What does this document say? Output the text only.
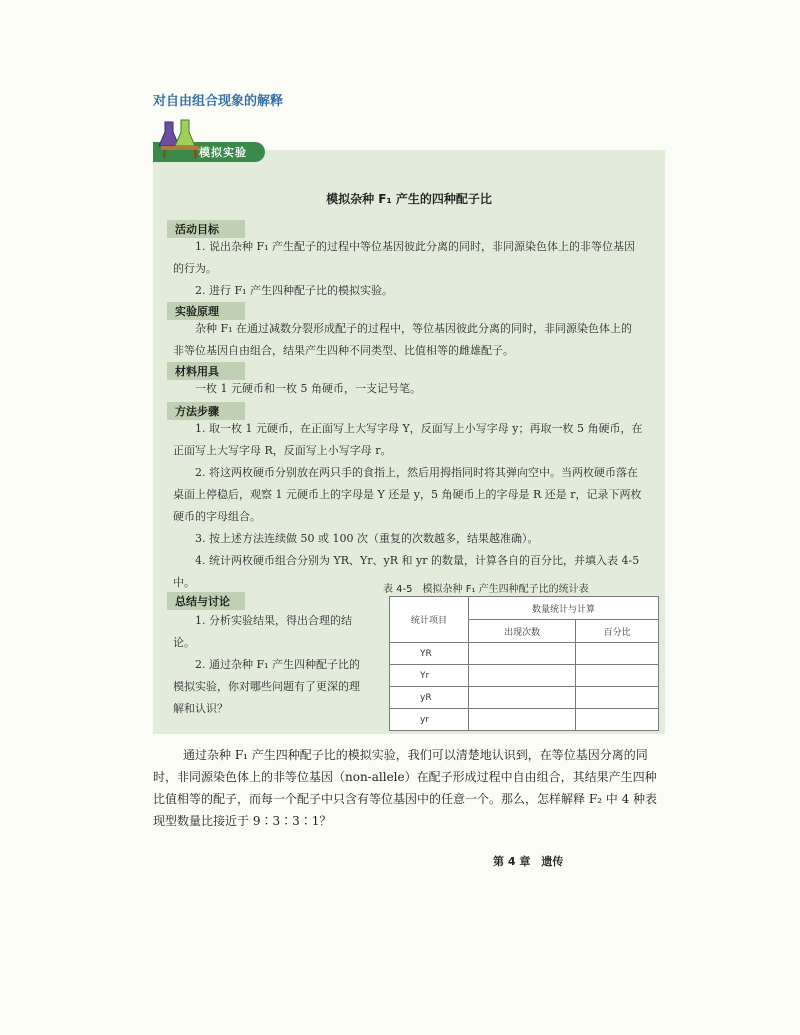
对自由组合现象的解释
模拟杂种 F₁ 产生的四种配子比
活动目标
1. 说出杂种 F₁ 产生配子的过程中等位基因彼此分离的同时，非同源染色体上的非等位基因的行为。
2. 进行 F₁ 产生四种配子比的模拟实验。
实验原理
杂种 F₁ 在通过减数分裂形成配子的过程中，等位基因彼此分离的同时，非同源染色体上的非等位基因自由组合，结果产生四种不同类型、比值相等的雌雄配子。
材料用具
一枚 1 元硬币和一枚 5 角硬币，一支记号笔。
方法步骤
1. 取一枚 1 元硬币，在正面写上大写字母 Y，反面写上小写字母 y；再取一枚 5 角硬币，在正面写上大写字母 R，反面写上小写字母 r。
2. 将这两枚硬币分别放在两只手的食指上，然后用拇指同时将其弹向空中。当两枚硬币落在桌面上停稳后，观察 1 元硬币上的字母是 Y 还是 y，5 角硬币上的字母是 R 还是 r，记录下两枚硬币的字母组合。
3. 按上述方法连续做 50 或 100 次（重复的次数越多，结果越准确）。
4. 统计两枚硬币组合分别为 YR、Yr、yR 和 yr 的数量，计算各自的百分比，并填入表 4-5 中。
总结与讨论
1. 分析实验结果，得出合理的结论。
2. 通过杂种 F₁ 产生四种配子比的模拟实验，你对哪些问题有了更深的理解和认识？
表 4-5　模拟杂种 F₁ 产生四种配子比的统计表
统计项目	数量统计与计算	
	出现次数	百分比
YR		
Yr		
yR		
yr		
模拟实验
通过杂种 F₁ 产生四种配子比的模拟实验，我们可以清楚地认识到，在等位基因分离的同时，非同源染色体上的非等位基因（non-allele）在配子形成过程中自由组合，其结果产生四种比值相等的配子，而每一个配子中只含有等位基因中的任意一个。那么，怎样解释 F₂ 中 4 种表现型数量比接近于 9∶3∶3∶1？
第 4 章　遗传
